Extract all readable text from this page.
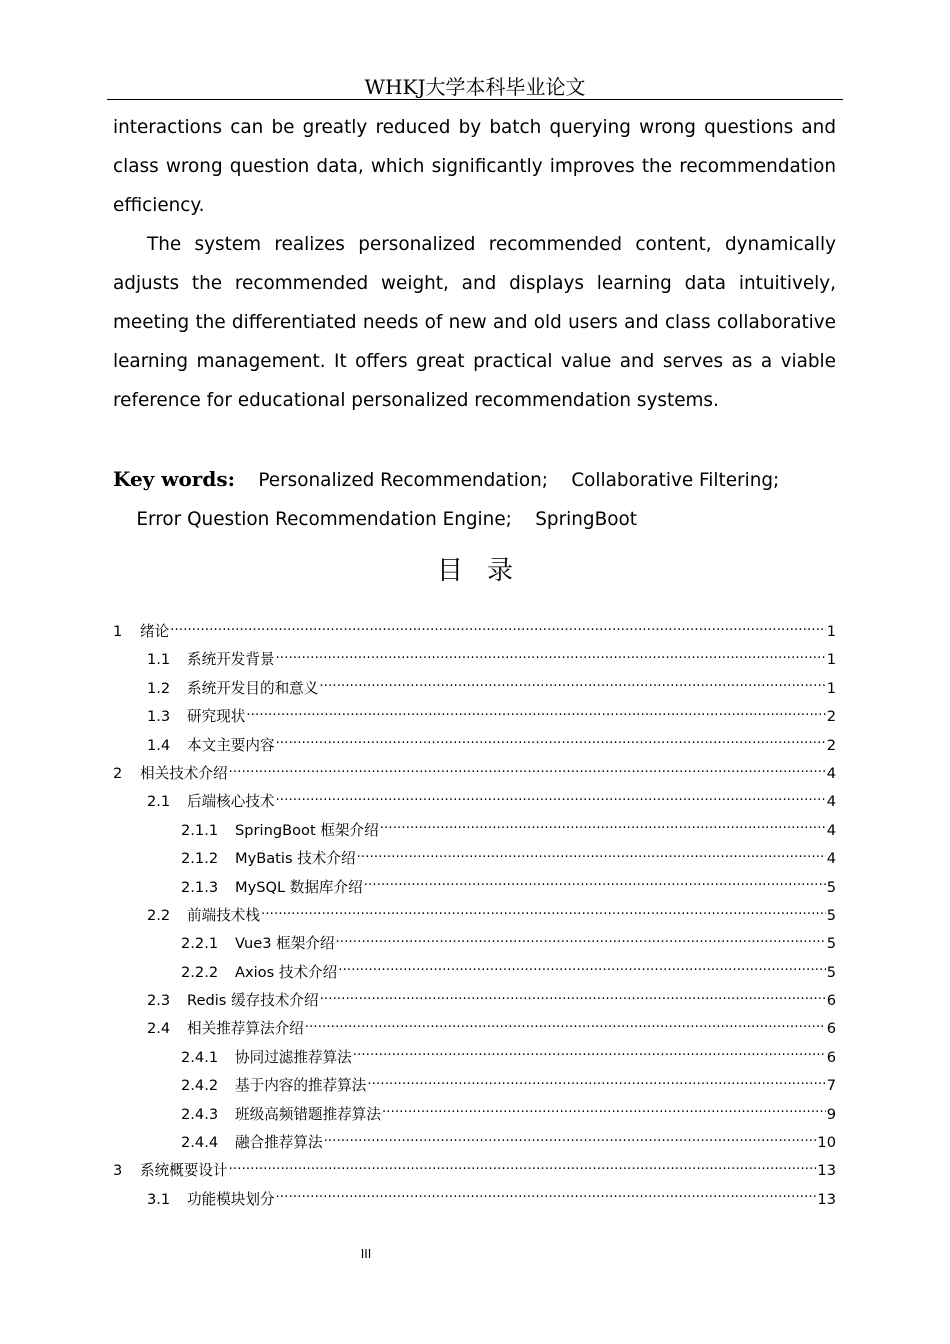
WHKJ大学本科毕业论文

interactions can be greatly reduced by batch querying wrong questions and class wrong question data, which significantly improves the recommendation efficiency.

The system realizes personalized recommended content, dynamically adjusts the recommended weight, and displays learning data intuitively, meeting the differentiated needs of new and old users and class collaborative learning management. It offers great practical value and serves as a viable reference for educational personalized recommendation systems.

Key words: Personalized Recommendation; Collaborative Filtering;    Error Question Recommendation Engine; SpringBoot
目录
1	绪论 .....	1
1.1	系统开发背景 .....	1
1.2	系统开发目的和意义 .....	1
1.3	研究现状 .....	2
1.4	本文主要内容 .....	2
2	相关技术介绍 .....	4
2.1	后端核心技术 .....	4
2.1.1	SpringBoot 框架介绍 .....	4
2.1.2	MyBatis 技术介绍 .....	4
2.1.3	MySQL 数据库介绍 .....	5
2.2	前端技术栈 .....	5
2.2.1	Vue3 框架介绍 .....	5
2.2.2	Axios 技术介绍 .....	5
2.3	Redis 缓存技术介绍 .....	6
2.4	相关推荐算法介绍 .....	6
2.4.1	协同过滤推荐算法 .....	6
2.4.2	基于内容的推荐算法 .....	7
2.4.3	班级高频错题推荐算法 .....	9
2.4.4	融合推荐算法 .....	10
3	系统概要设计 .....	13
3.1	功能模块划分 .....	13
III
